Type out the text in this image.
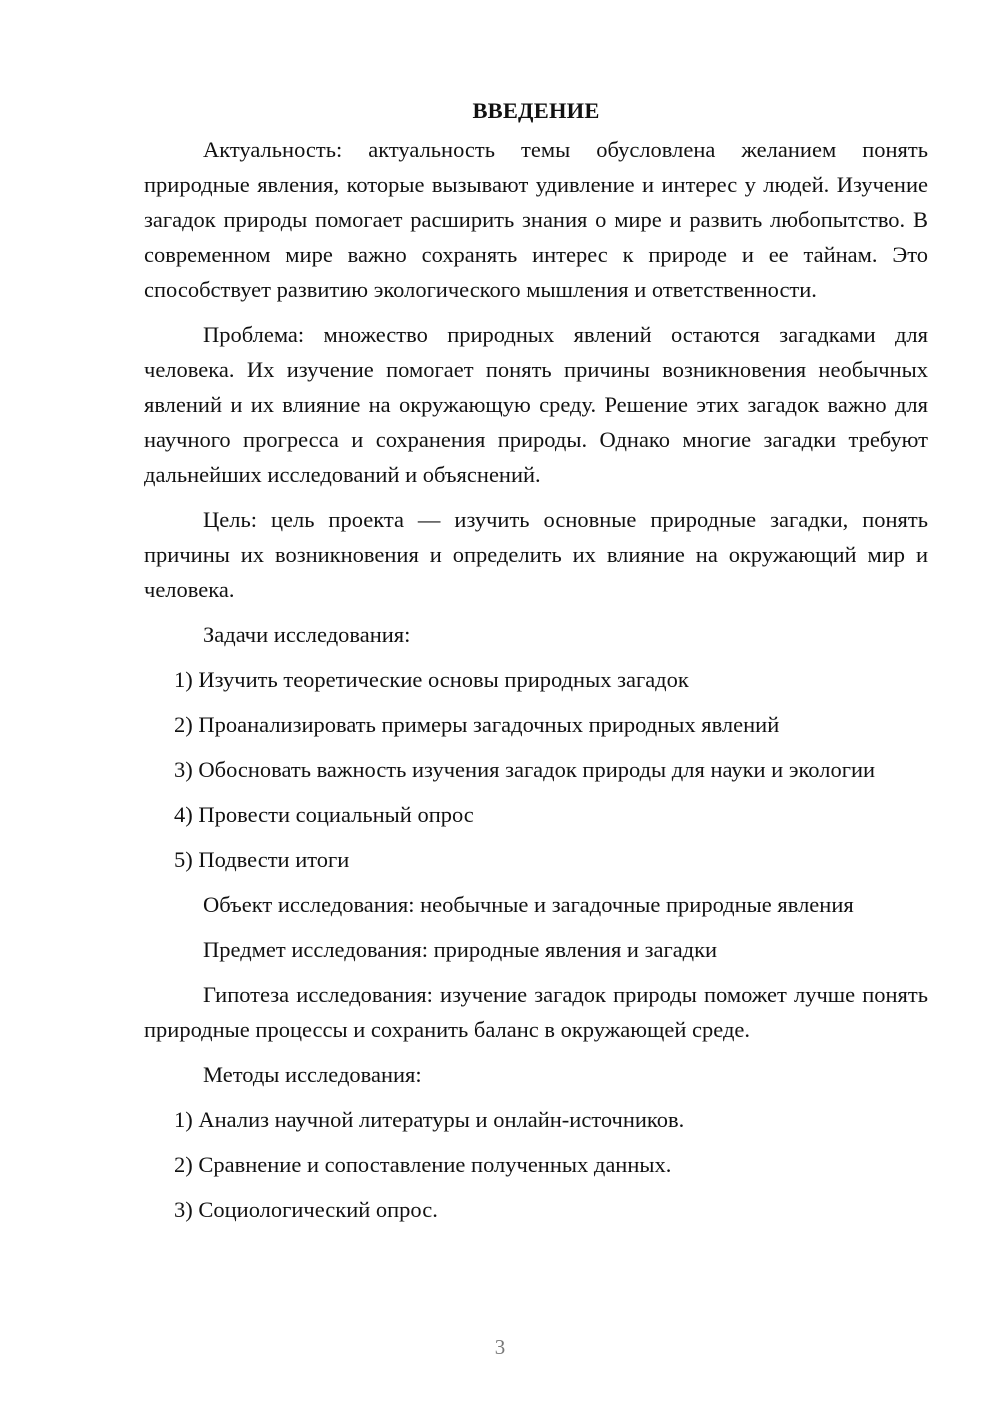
ВВЕДЕНИЕ

Актуальность: актуальность темы обусловлена желанием понять природные явления, которые вызывают удивление и интерес у людей. Изучение загадок природы помогает расширить знания о мире и развить любопытство. В современном мире важно сохранять интерес к природе и ее тайнам. Это способствует развитию экологического мышления и ответственности.

Проблема: множество природных явлений остаются загадками для человека. Их изучение помогает понять причины возникновения необычных явлений и их влияние на окружающую среду. Решение этих загадок важно для научного прогресса и сохранения природы. Однако многие загадки требуют дальнейших исследований и объяснений.

Цель: цель проекта — изучить основные природные загадки, понять причины их возникновения и определить их влияние на окружающий мир и человека.

Задачи исследования:

1) Изучить теоретические основы природных загадок

2) Проанализировать примеры загадочных природных явлений

3) Обосновать важность изучения загадок природы для науки и экологии

4) Провести социальный опрос

5) Подвести итоги

Объект исследования: необычные и загадочные природные явления

Предмет исследования: природные явления и загадки

Гипотеза исследования: изучение загадок природы поможет лучше понять природные процессы и сохранить баланс в окружающей среде.

Методы исследования:

1) Анализ научной литературы и онлайн-источников.

2) Сравнение и сопоставление полученных данных.

3) Социологический опрос.

3
